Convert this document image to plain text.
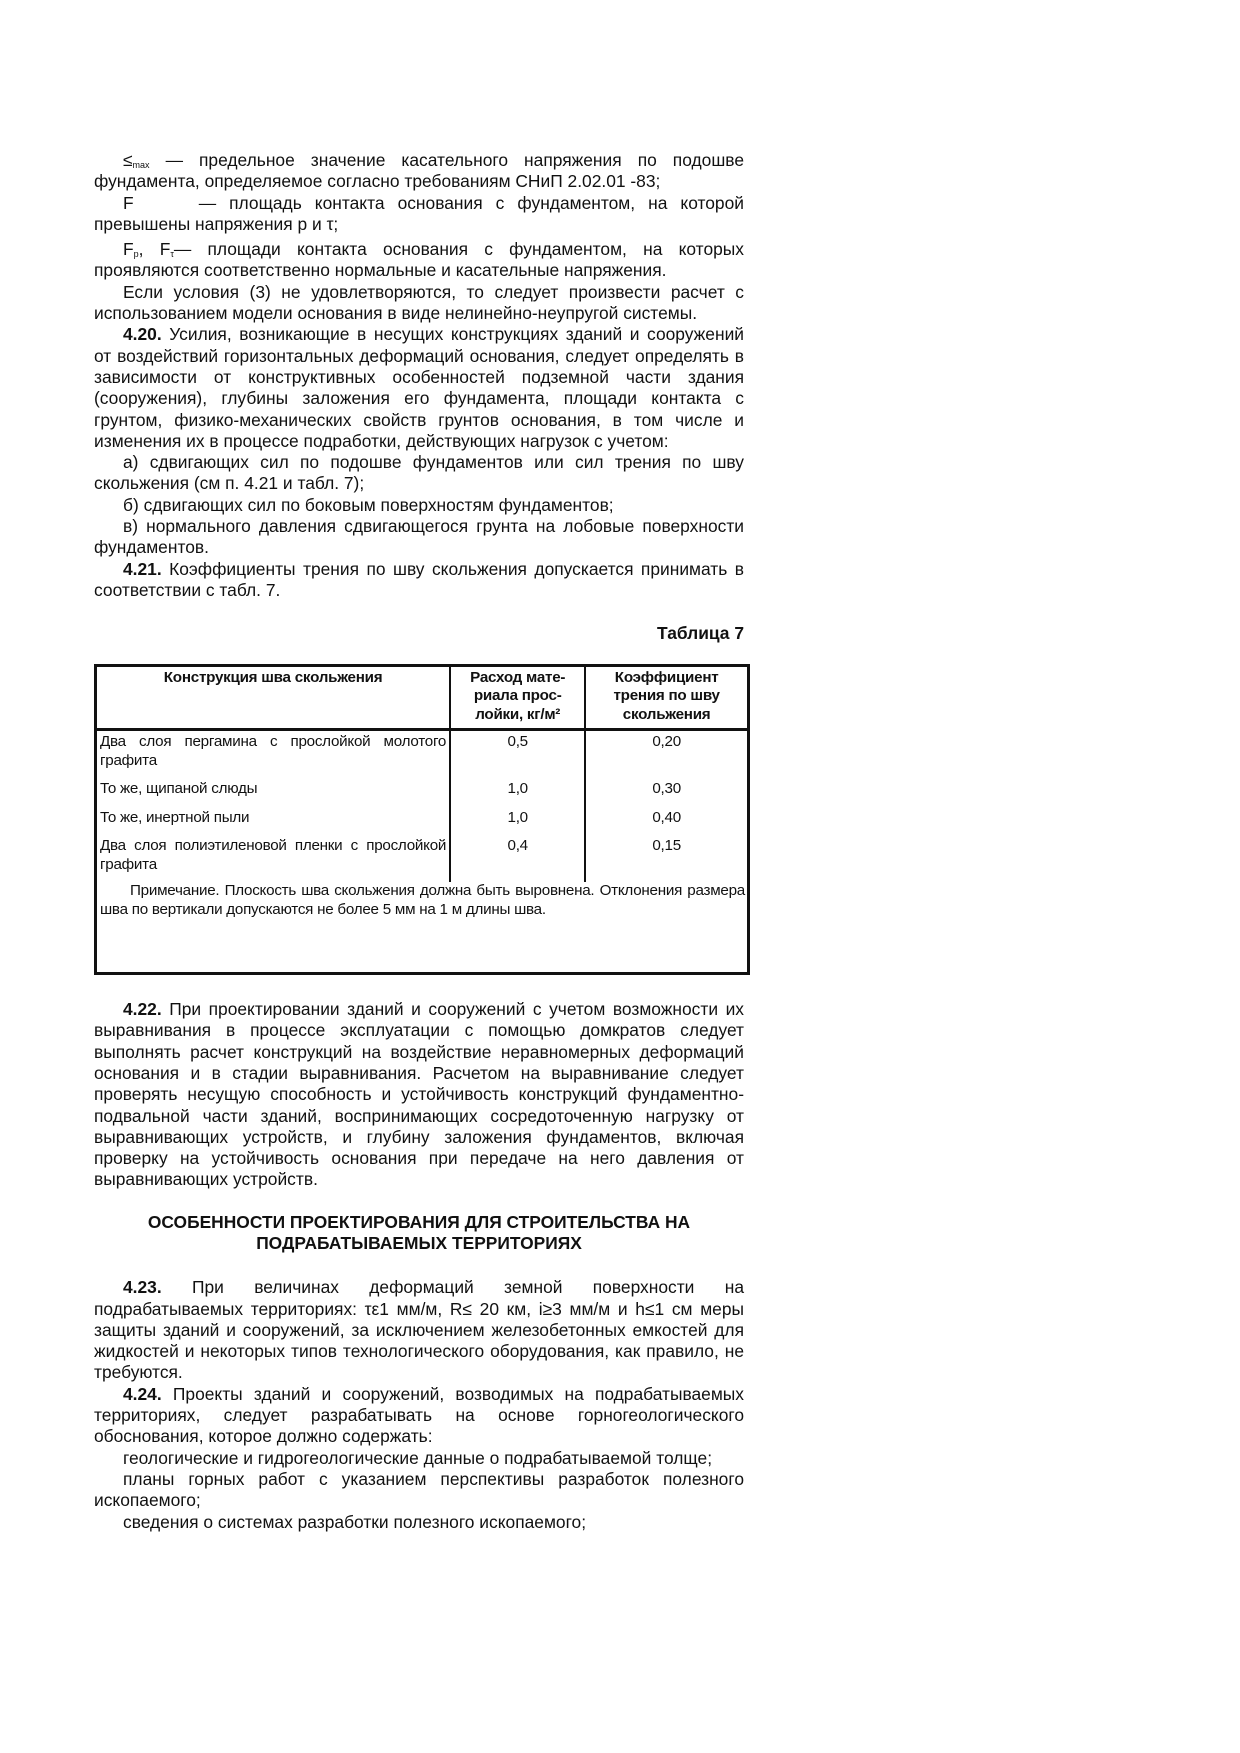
$\le_{max}$ — предельное значение касательного напряжения по подошве фундамента, определяемое согласно требованиям СНиП 2.02.01 -83;

F	— площадь контакта основания с фундаментом, на которой превышены напряжения p и τ;

$F_p$, $F_\tau—$ площади контакта основания с фундаментом, на которых проявляются соответственно нормальные и касательные напряжения.

Если условия (3) не удовлетворяются, то следует произвести расчет с использованием модели основания в виде нелинейно-неупругой системы.

4.20. Усилия, возникающие в несущих конструкциях зданий и сооружений от воздействий горизонтальных деформаций основания, следует определять в зависимости от конструктивных особенностей подземной части здания (сооружения), глубины заложения его фундамента, площади контакта с грунтом, физико-механических свойств грунтов основания, в том числе и изменения их в процессе подработки, действующих нагрузок с учетом:

а) сдвигающих сил по подошве фундаментов или сил трения по шву скольжения (см п. 4.21 и табл. 7);

б) сдвигающих сил по боковым поверхностям фундаментов;

в) нормального давления сдвигающегося грунта на лобовые поверхности фундаментов.

4.21. Коэффициенты трения по шву скольжения допускается принимать в соответствии с табл. 7.

Таблица 7
Конструкция шва скольжения	Расход мате-риала прос-лойки, кг/м²	Коэффициент трения по шву скольжения
Два слоя пергамина с прослойкой молотого графита	0,5	0,20
То же, щипаной слюды	1,0	0,30
То же, инертной пыли	1,0	0,40
Два слоя полиэтиленовой пленки с прослойкой графита	0,4	0,15
Примечание. Плоскость шва скольжения должна быть выровнена. Отклонения размера шва по вертикали допускаются не более 5 мм на 1 м длины шва.		

4.22. При проектировании зданий и сооружений с учетом возможности их выравнивания в процессе эксплуатации с помощью домкратов следует выполнять расчет конструкций на воздействие неравномерных деформаций основания и в стадии выравнивания. Расчетом на выравнивание следует проверять несущую способность и устойчивость конструкций фундаментно-подвальной части зданий, воспринимающих сосредоточенную нагрузку от выравнивающих устройств, и глубину заложения фундаментов, включая проверку на устойчивость основания при передаче на него давления от выравнивающих устройств.

ОСОБЕННОСТИ ПРОЕКТИРОВАНИЯ ДЛЯ СТРОИТЕЛЬСТВА НА ПОДРАБАТЫВАЕМЫХ ТЕРРИТОРИЯХ

4.23. При величинах деформаций земной поверхности на подрабатываемых территориях: τε1 мм/м, R≤ 20 км, i≥3 мм/м и h≤1 см меры защиты зданий и сооружений, за исключением железобетонных емкостей для жидкостей и некоторых типов технологического оборудования, как правило, не требуются.

4.24. Проекты зданий и сооружений, возводимых на подрабатываемых территориях, следует разрабатывать на основе горногеологического обоснования, которое должно содержать:

геологические и гидрогеологические данные о подрабатываемой толще;

планы горных работ с указанием перспективы разработок полезного ископаемого;

сведения о системах разработки полезного ископаемого;
